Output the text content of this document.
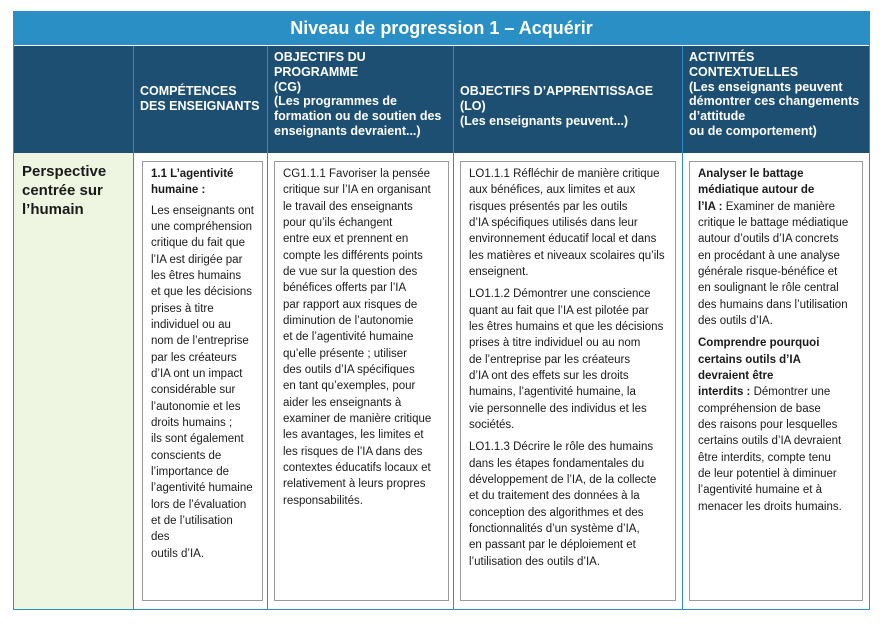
Niveau de progression 1 – Acquérir
COMPÉTENCES
DES ENSEIGNANTS
OBJECTIFS DU PROGRAMME
(CG)
(Les programmes de
formation ou de soutien des
enseignants devraient...)
OBJECTIFS D’APPRENTISSAGE (LO)
(Les enseignants peuvent...)
ACTIVITÉS CONTEXTUELLES
(Les enseignants peuvent
démontrer ces changements
d’attitude
ou de comportement)
Perspective
centrée sur
l’humain

1.1 L’agentivité
humaine :

Les enseignants ont
une compréhension
critique du fait que
l’IA est dirigée par
les êtres humains
et que les décisions
prises à titre
individuel ou au
nom de l’entreprise
par les créateurs
d’IA ont un impact
considérable sur
l’autonomie et les
droits humains ;
ils sont également
conscients de
l’importance de
l’agentivité humaine
lors de l’évaluation
et de l’utilisation des
outils d’IA.

CG1.1.1 Favoriser la pensée
critique sur l’IA en organisant
le travail des enseignants
pour qu’ils échangent
entre eux et prennent en
compte les différents points
de vue sur la question des
bénéfices offerts par l’IA
par rapport aux risques de
diminution de l’autonomie
et de l’agentivité humaine
qu’elle présente ; utiliser
des outils d’IA spécifiques
en tant qu’exemples, pour
aider les enseignants à
examiner de manière critique
les avantages, les limites et
les risques de l’IA dans des
contextes éducatifs locaux et
relativement à leurs propres
responsabilités.

LO1.1.1 Réfléchir de manière critique
aux bénéfices, aux limites et aux
risques présentés par les outils
d’IA spécifiques utilisés dans leur
environnement éducatif local et dans
les matières et niveaux scolaires qu’ils
enseignent.

LO1.1.2 Démontrer une conscience
quant au fait que l’IA est pilotée par
les êtres humains et que les décisions
prises à titre individuel ou au nom
de l’entreprise par les créateurs
d’IA ont des effets sur les droits
humains, l’agentivité humaine, la
vie personnelle des individus et les
sociétés.

LO1.1.3 Décrire le rôle des humains
dans les étapes fondamentales du
développement de l’IA, de la collecte
et du traitement des données à la
conception des algorithmes et des
fonctionnalités d’un système d’IA,
en passant par le déploiement et
l’utilisation des outils d’IA.

Analyser le battage
médiatique autour de
l’IA : Examiner de manière
critique le battage médiatique
autour d’outils d’IA concrets
en procédant à une analyse
générale risque-bénéfice et
en soulignant le rôle central
des humains dans l’utilisation
des outils d’IA.

Comprendre pourquoi
certains outils d’IA
devraient être
interdits : Démontrer une
compréhension de base
des raisons pour lesquelles
certains outils d’IA devraient
être interdits, compte tenu
de leur potentiel à diminuer
l’agentivité humaine et à
menacer les droits humains.
